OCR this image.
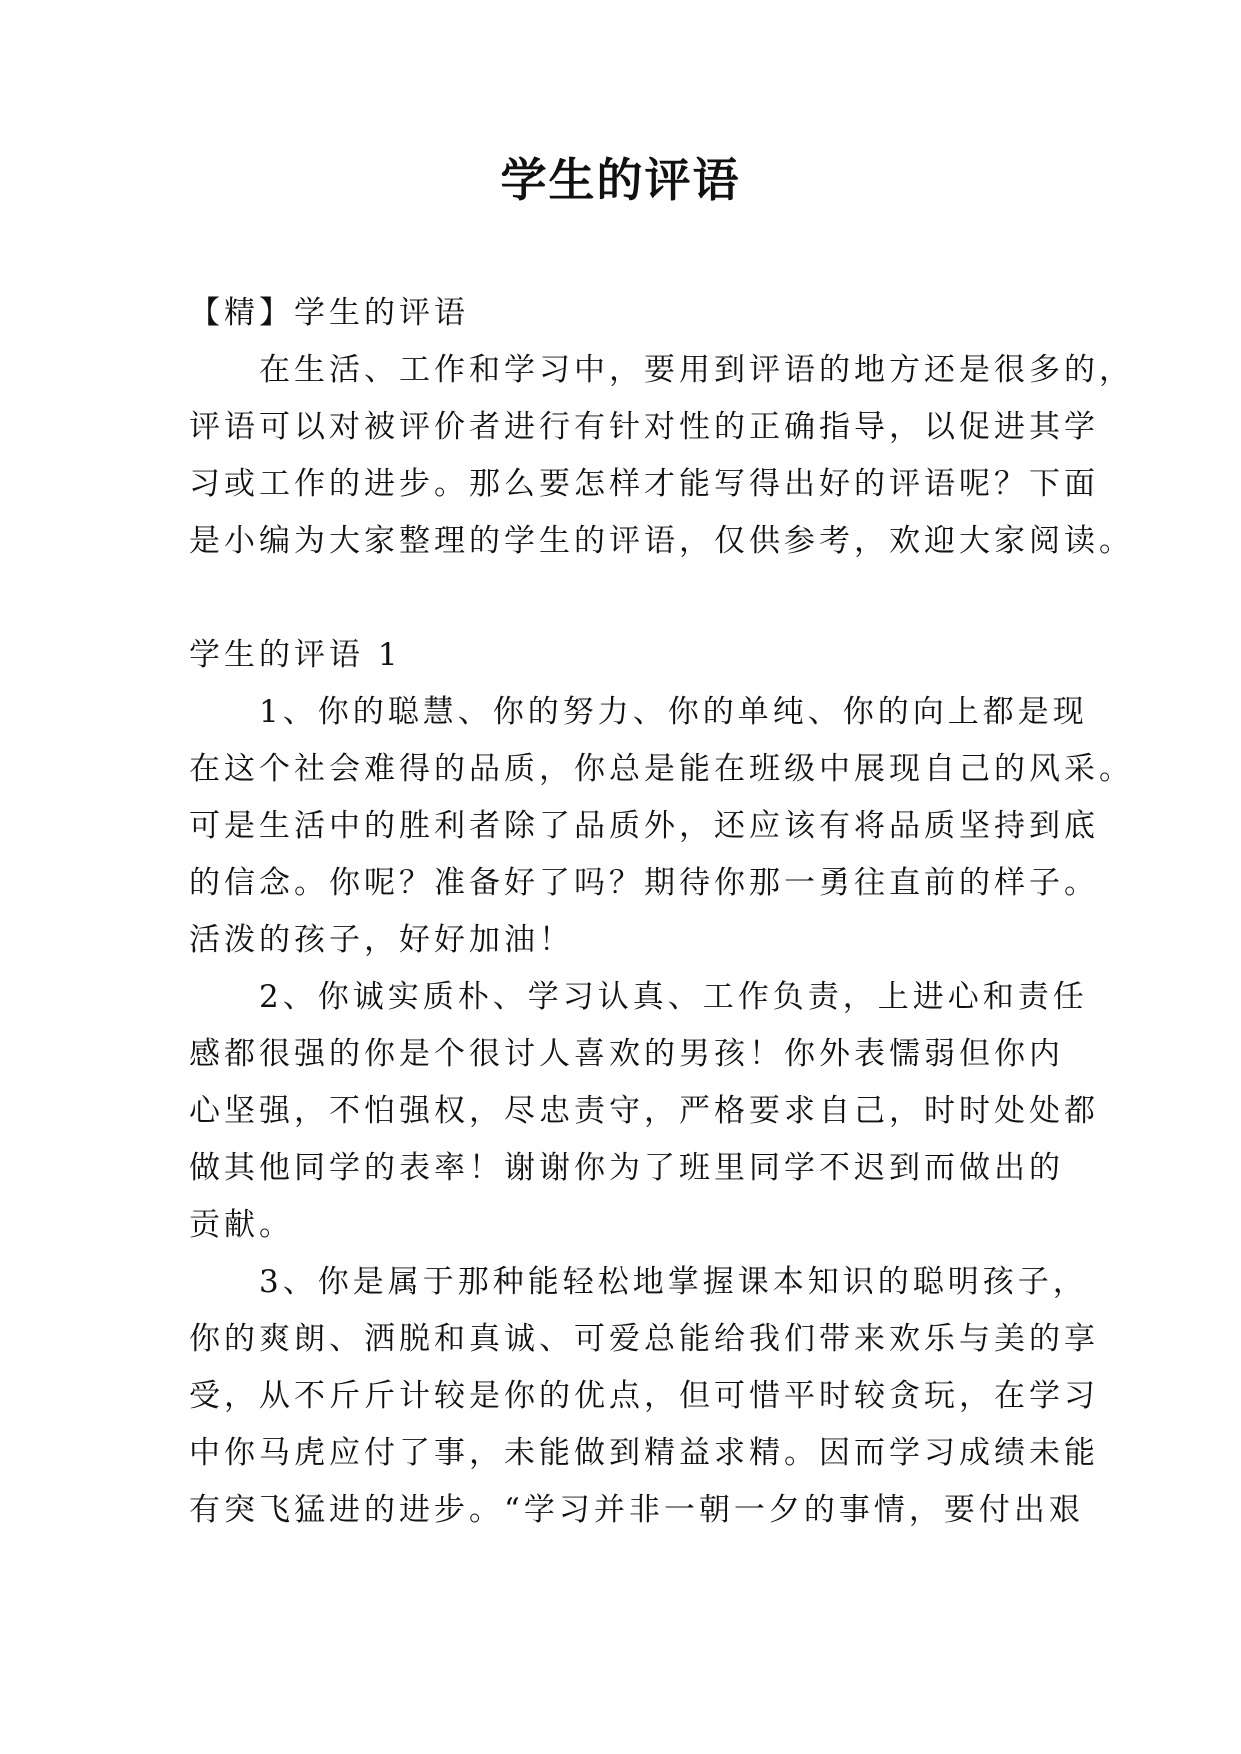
学生的评语
【精】学生的评语
在生活、工作和学习中，要用到评语的地方还是很多的，
评语可以对被评价者进行有针对性的正确指导，以促进其学
习或工作的进步。那么要怎样才能写得出好的评语呢？下面
是小编为大家整理的学生的评语，仅供参考，欢迎大家阅读。
学生的评语 1
1、你的聪慧、你的努力、你的单纯、你的向上都是现
在这个社会难得的品质，你总是能在班级中展现自己的风采。
可是生活中的胜利者除了品质外，还应该有将品质坚持到底
的信念。你呢？准备好了吗？期待你那一勇往直前的样子。
活泼的孩子，好好加油！
2、你诚实质朴、学习认真、工作负责，上进心和责任
感都很强的你是个很讨人喜欢的男孩！你外表懦弱但你内
心坚强，不怕强权，尽忠责守，严格要求自己，时时处处都
做其他同学的表率！谢谢你为了班里同学不迟到而做出的
贡献。
3、你是属于那种能轻松地掌握课本知识的聪明孩子，
你的爽朗、洒脱和真诚、可爱总能给我们带来欢乐与美的享
受，从不斤斤计较是你的优点，但可惜平时较贪玩，在学习
中你马虎应付了事，未能做到精益求精。因而学习成绩未能
有突飞猛进的进步。“学习并非一朝一夕的事情，要付出艰
